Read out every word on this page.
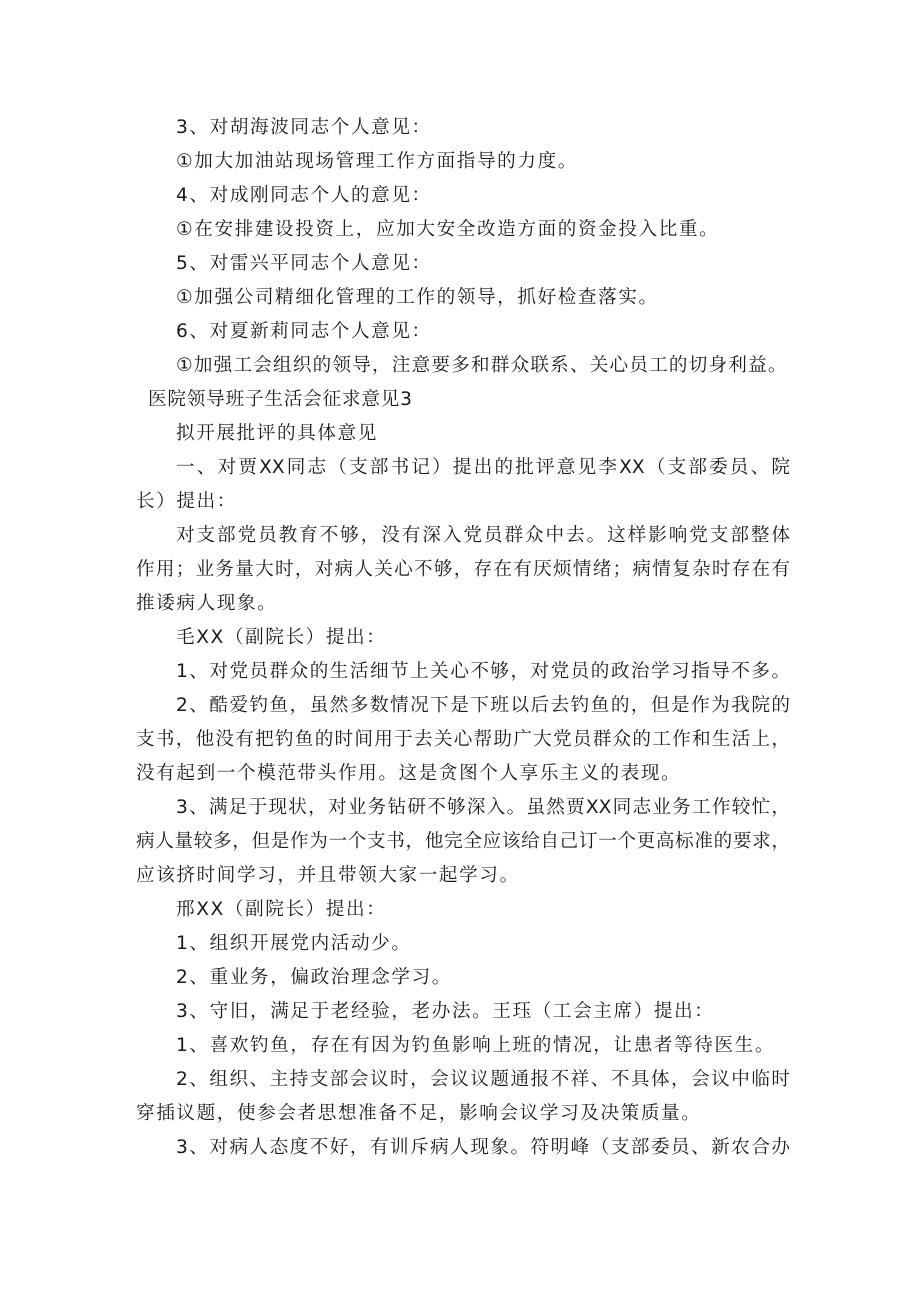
3、对胡海波同志个人意见：
①加大加油站现场管理工作方面指导的力度。
4、对成刚同志个人的意见：
①在安排建设投资上，应加大安全改造方面的资金投入比重。
5、对雷兴平同志个人意见：
①加强公司精细化管理的工作的领导，抓好检查落实。
6、对夏新莉同志个人意见：
①加强工会组织的领导，注意要多和群众联系、关心员工的切身利益。
医院领导班子生活会征求意见3
拟开展批评的具体意见
一、对贾XX同志（支部书记）提出的批评意见李XX（支部委员、院
长）提出：
对支部党员教育不够，没有深入党员群众中去。这样影响党支部整体
作用；业务量大时，对病人关心不够，存在有厌烦情绪；病情复杂时存在有
推诿病人现象。
毛XX（副院长）提出：
1、对党员群众的生活细节上关心不够，对党员的政治学习指导不多。
2、酷爱钓鱼，虽然多数情况下是下班以后去钓鱼的，但是作为我院的
支书，他没有把钓鱼的时间用于去关心帮助广大党员群众的工作和生活上，
没有起到一个模范带头作用。这是贪图个人享乐主义的表现。
3、满足于现状，对业务钻研不够深入。虽然贾XX同志业务工作较忙，
病人量较多，但是作为一个支书，他完全应该给自己订一个更高标准的要求，
应该挤时间学习，并且带领大家一起学习。
邢XX（副院长）提出：
1、组织开展党内活动少。
2、重业务，偏政治理念学习。
3、守旧，满足于老经验，老办法。王珏（工会主席）提出：
1、喜欢钓鱼，存在有因为钓鱼影响上班的情况，让患者等待医生。
2、组织、主持支部会议时，会议议题通报不祥、不具体，会议中临时
穿插议题，使参会者思想准备不足，影响会议学习及决策质量。
3、对病人态度不好，有训斥病人现象。符明峰（支部委员、新农合办
